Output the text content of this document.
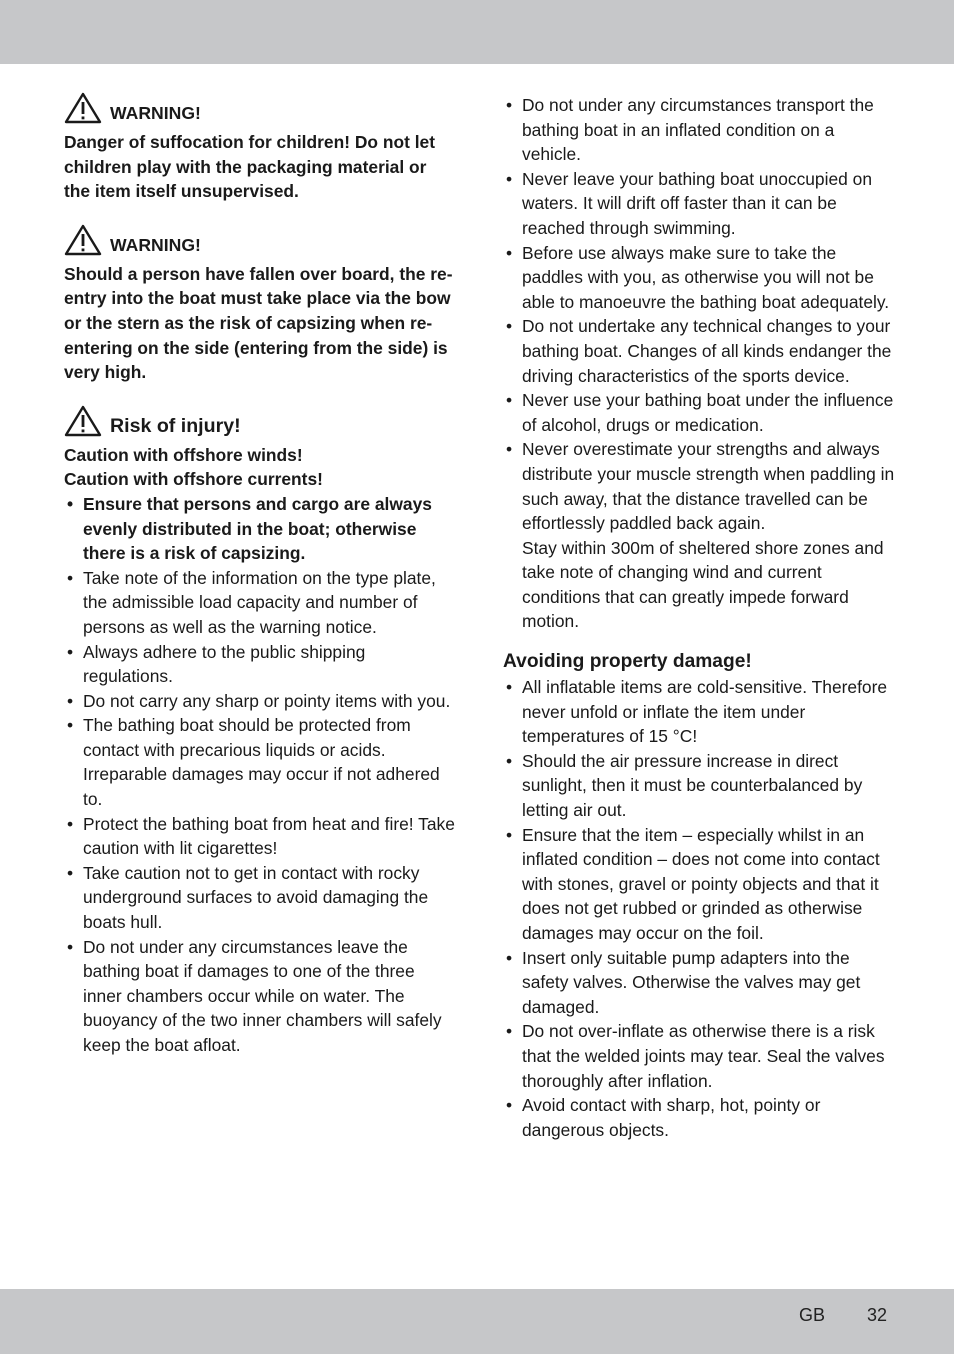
WARNING!

Danger of suffocation for children! Do not let children play with the packaging material or the item itself unsupervised.

WARNING!

Should a person have fallen over board, the re-entry into the boat must take place via the bow or the stern as the risk of capsizing when re-entering on the side (entering from the side) is very high.

Risk of injury!

Caution with offshore winds!

Caution with offshore currents!

• Ensure that persons and cargo are always evenly distributed in the boat; otherwise there is a risk of capsizing.
• Take note of the information on the type plate, the admissible load capacity and number of persons as well as the warning notice.
• Always adhere to the public shipping regulations.
• Do not carry any sharp or pointy items with you.
• The bathing boat should be protected from contact with precarious liquids or acids. Irreparable damages may occur if not adhered to.
• Protect the bathing boat from heat and fire! Take caution with lit cigarettes!
• Take caution not to get in contact with rocky underground surfaces to avoid damaging the boats hull.
• Do not under any circumstances leave the bathing boat if damages to one of the three inner chambers occur while on water. The buoyancy of the two inner chambers will safely keep the boat afloat.
• Do not under any circumstances transport the bathing boat in an inflated condition on a vehicle.
• Never leave your bathing boat unoccupied on waters. It will drift off faster than it can be reached through swimming.
• Before use always make sure to take the paddles with you, as otherwise you will not be able to manoeuvre the bathing boat adequately.
• Do not undertake any technical changes to your bathing boat. Changes of all kinds endanger the driving characteristics of the sports device.
• Never use your bathing boat under the influence of alcohol, drugs or medication.
• Never overestimate your strengths and always distribute your muscle strength when paddling in such away, that the distance travelled can be effortlessly paddled back again.
Stay within 300m of sheltered shore zones and take note of changing wind and current conditions that can greatly impede forward motion.

Avoiding property damage!

• All inflatable items are cold-sensitive. Therefore never unfold or inflate the item under temperatures of 15 °C!
• Should the air pressure increase in direct sunlight, then it must be counterbalanced by letting air out.
• Ensure that the item – especially whilst in an inflated condition – does not come into contact with stones, gravel or pointy objects and that it does not get rubbed or grinded as otherwise damages may occur on the foil.
• Insert only suitable pump adapters into the safety valves. Otherwise the valves may get damaged.
• Do not over-inflate as otherwise there is a risk that the welded joints may tear. Seal the valves thoroughly after inflation.
• Avoid contact with sharp, hot, pointy or dangerous objects.
GB 32
